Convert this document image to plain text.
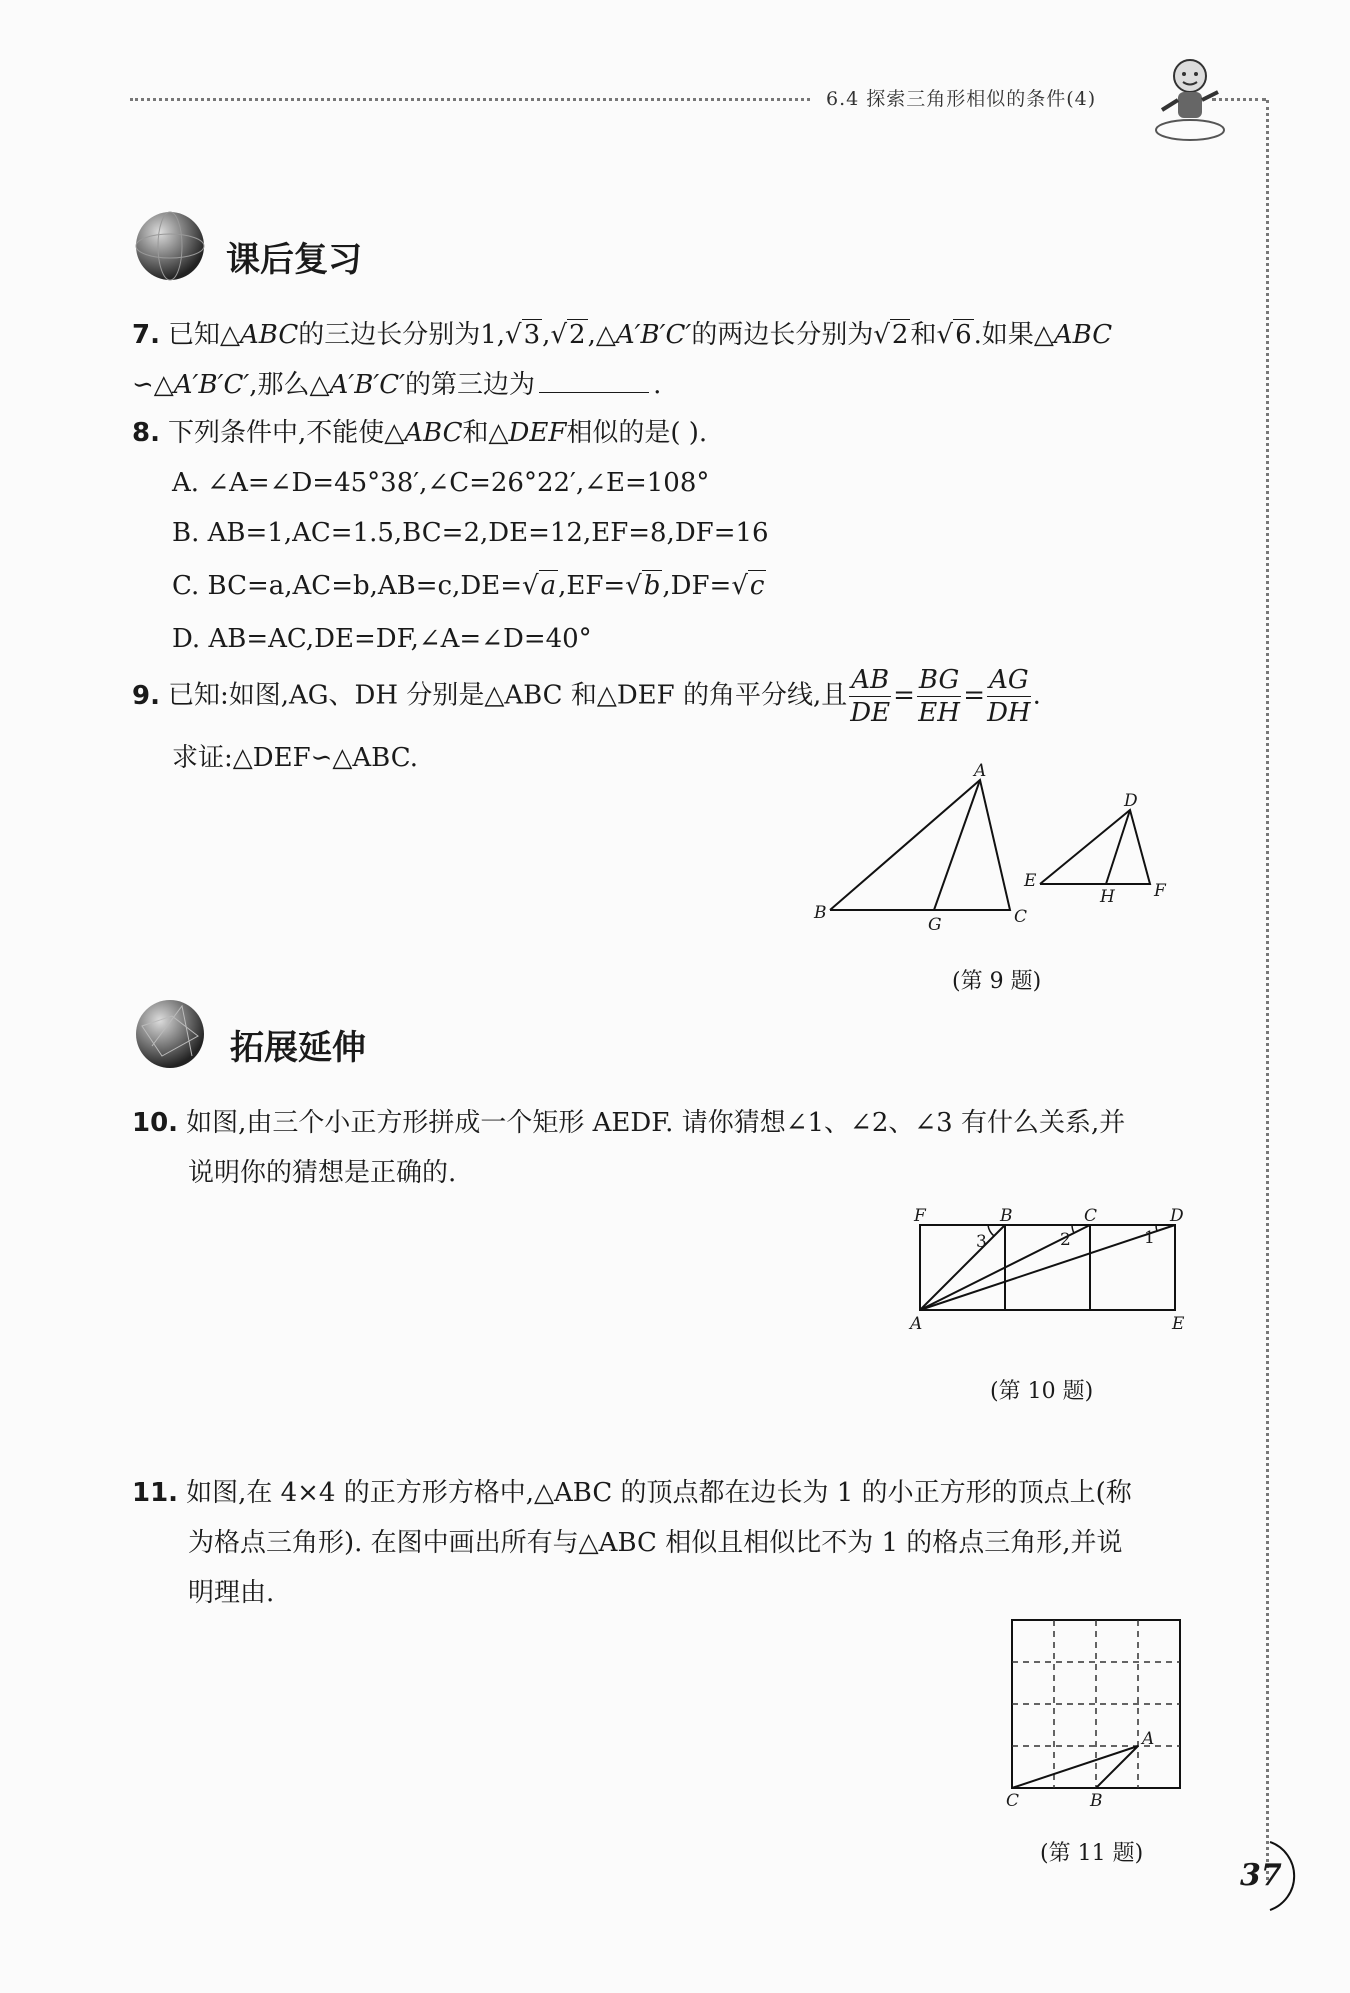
6.4 探索三角形相似的条件(4)
课后复习
7. 已知△ABC的三边长分别为1,√3,√2,△A′B′C′的两边长分别为√2和√6.如果△ABC
∽△A′B′C′,那么△A′B′C′的第三边为	.
8. 下列条件中,不能使△ABC和△DEF相似的是( ).
A. ∠A=∠D=45°38′,∠C=26°22′,∠E=108°
B. AB=1,AC=1.5,BC=2,DE=12,EF=8,DF=16
C. BC=a,AC=b,AB=c,DE=√a,EF=√b,DF=√c
D. AB=AC,DE=DF,∠A=∠D=40°
9. 已知:如图,AG、DH 分别是△ABC 和△DEF 的角平分线,且 $\frac{AB}{DE} = \frac{BG}{EH} = \frac{AG}{DH}$ .
求证:△DEF∽△ABC.	A
B	C
G
D
E	F
H
(第 9 题)
拓展延伸
10. 如图,由三个小正方形拼成一个矩形 AEDF. 请你猜想∠1、∠2、∠3 有什么关系,并
说明你的猜想是正确的.
F	B	C	D
A	E
3	2	1
(第 10 题)
11. 如图,在 4×4 的正方形方格中,△ABC 的顶点都在边长为 1 的小正方形的顶点上(称
为格点三角形). 在图中画出所有与△ABC 相似且相似比不为 1 的格点三角形,并说
明理由.
A
B
C
(第 11 题)
37
